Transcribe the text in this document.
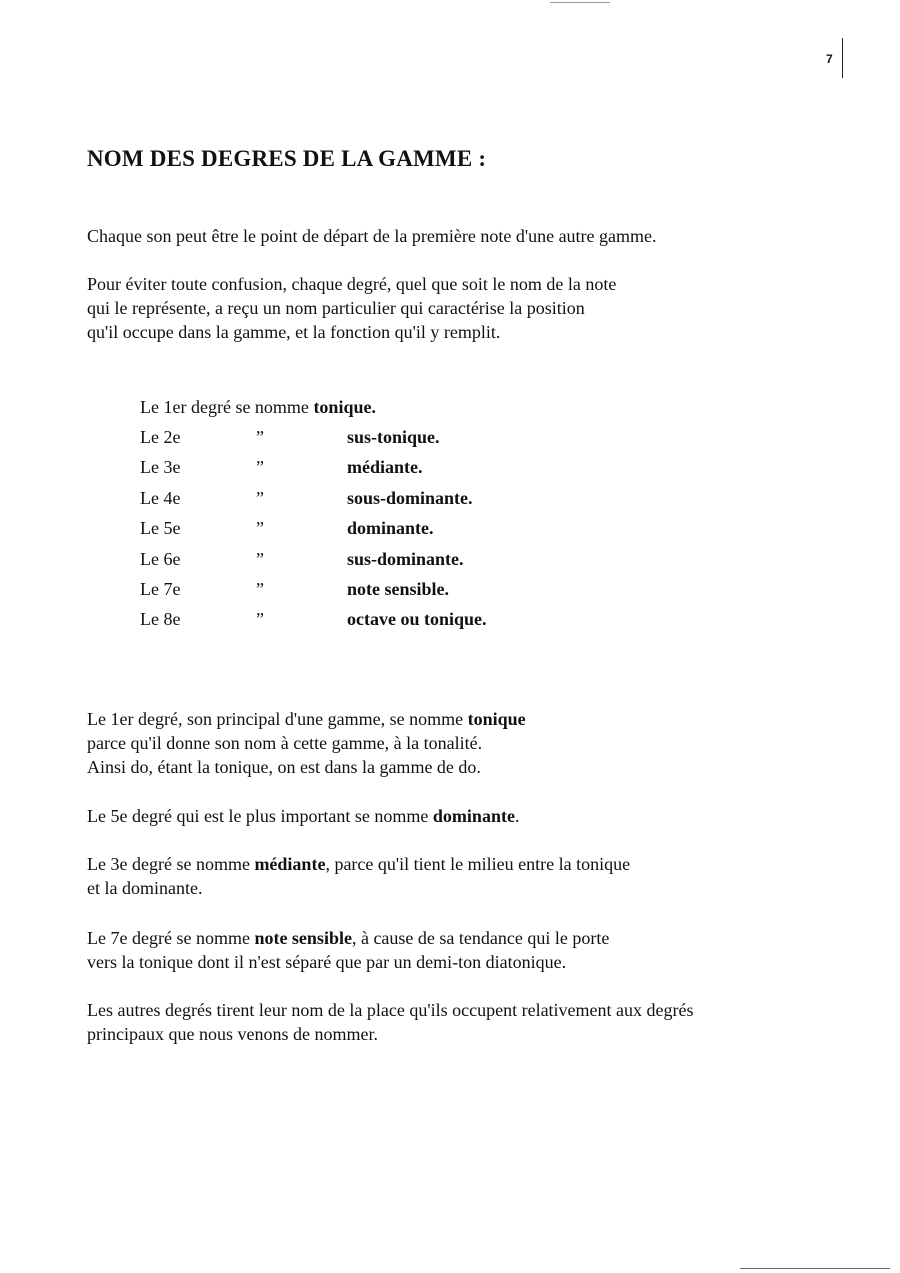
7
NOM DES DEGRES DE LA GAMME :

Chaque son peut être le point de départ de la première note d'une autre gamme.

Pour éviter toute confusion, chaque degré, quel que soit le nom de la note
qui le représente, a reçu un nom particulier qui caractérise la position
qu'il occupe dans la gamme, et la fonction qu'il y remplit.

Le 1er degré se nomme tonique.
Le 2e	”	sus-tonique.
Le 3e	”	médiante.
Le 4e	”	sous-dominante.
Le 5e	”	dominante.
Le 6e	”	sus-dominante.
Le 7e	”	note sensible.
Le 8e	”	octave ou tonique.

Le 1er degré, son principal d'une gamme, se nomme tonique
parce qu'il donne son nom à cette gamme, à la tonalité.
Ainsi do, étant la tonique, on est dans la gamme de do.

Le 5e degré qui est le plus important se nomme dominante.

Le 3e degré se nomme médiante, parce qu'il tient le milieu entre la tonique
et la dominante.

Le 7e degré se nomme note sensible, à cause de sa tendance qui le porte
vers la tonique dont il n'est séparé que par un demi-ton diatonique.

Les autres degrés tirent leur nom de la place qu'ils occupent relativement aux degrés
principaux que nous venons de nommer.
